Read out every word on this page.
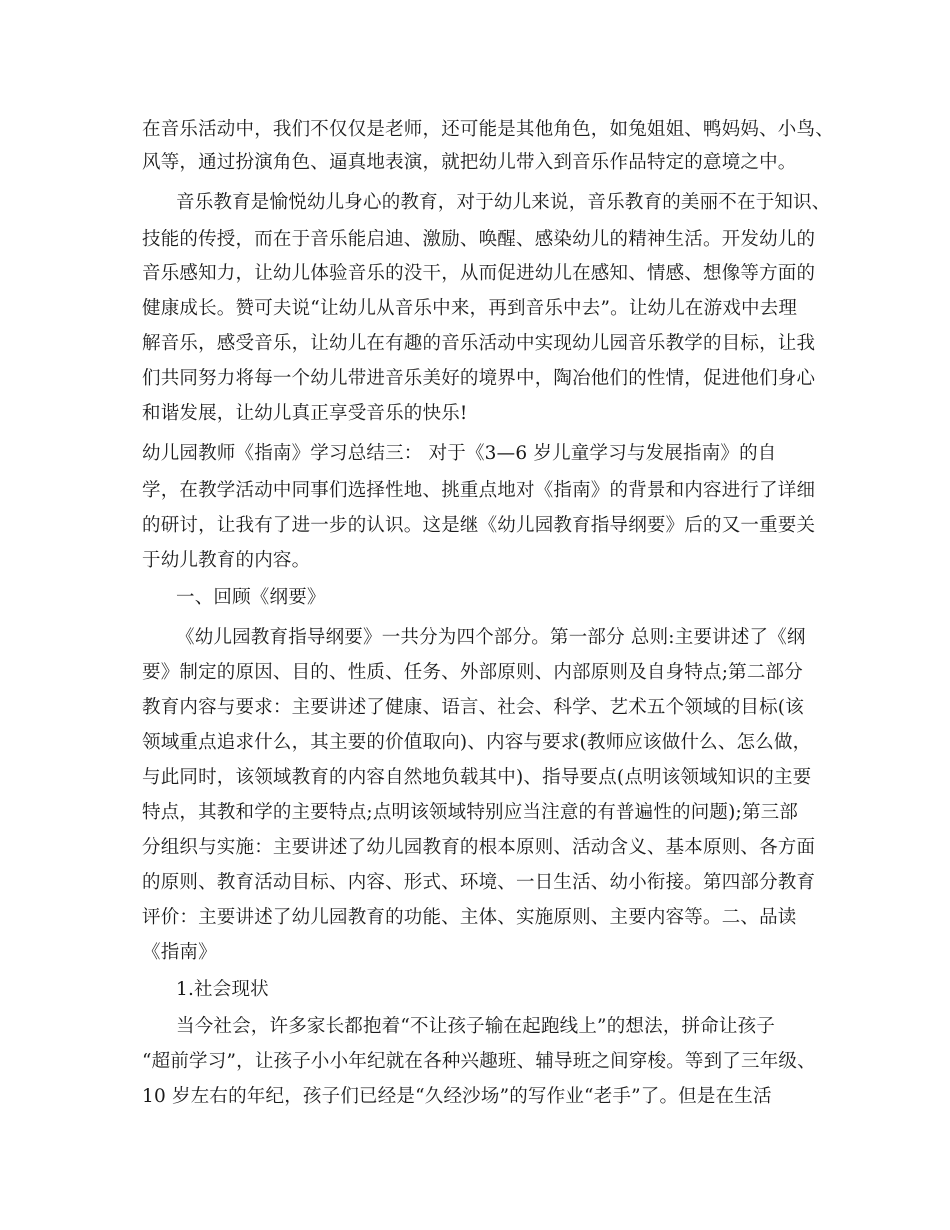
在音乐活动中，我们不仅仅是老师，还可能是其他角色，如兔姐姐、鸭妈妈、小鸟、
风等，通过扮演角色、逼真地表演，就把幼儿带入到音乐作品特定的意境之中。
音乐教育是愉悦幼儿身心的教育，对于幼儿来说，音乐教育的美丽不在于知识、
技能的传授，而在于音乐能启迪、激励、唤醒、感染幼儿的精神生活。开发幼儿的
音乐感知力，让幼儿体验音乐的没干，从而促进幼儿在感知、情感、想像等方面的
健康成长。赞可夫说“让幼儿从音乐中来，再到音乐中去”。让幼儿在游戏中去理
解音乐，感受音乐，让幼儿在有趣的音乐活动中实现幼儿园音乐教学的目标，让我
们共同努力将每一个幼儿带进音乐美好的境界中，陶冶他们的性情，促进他们身心
和谐发展，让幼儿真正享受音乐的快乐!
幼儿园教师《指南》学习总结三： 对于《3—6 岁儿童学习与发展指南》的自
学，在教学活动中同事们选择性地、挑重点地对《指南》的背景和内容进行了详细
的研讨，让我有了进一步的认识。这是继《幼儿园教育指导纲要》后的又一重要关
于幼儿教育的内容。
一、回顾《纲要》
《幼儿园教育指导纲要》一共分为四个部分。第一部分 总则:主要讲述了《纲
要》制定的原因、目的、性质、任务、外部原则、内部原则及自身特点;第二部分
教育内容与要求：主要讲述了健康、语言、社会、科学、艺术五个领域的目标(该
领域重点追求什么，其主要的价值取向)、内容与要求(教师应该做什么、怎么做，
与此同时，该领域教育的内容自然地负载其中)、指导要点(点明该领域知识的主要
特点，其教和学的主要特点;点明该领域特别应当注意的有普遍性的问题);第三部
分组织与实施：主要讲述了幼儿园教育的根本原则、活动含义、基本原则、各方面
的原则、教育活动目标、内容、形式、环境、一日生活、幼小衔接。第四部分教育
评价：主要讲述了幼儿园教育的功能、主体、实施原则、主要内容等。二、品读
《指南》
1.社会现状
当今社会，许多家长都抱着“不让孩子输在起跑线上”的想法，拼命让孩子
“超前学习”，让孩子小小年纪就在各种兴趣班、辅导班之间穿梭。等到了三年级、
10 岁左右的年纪，孩子们已经是“久经沙场”的写作业“老手”了。但是在生活
